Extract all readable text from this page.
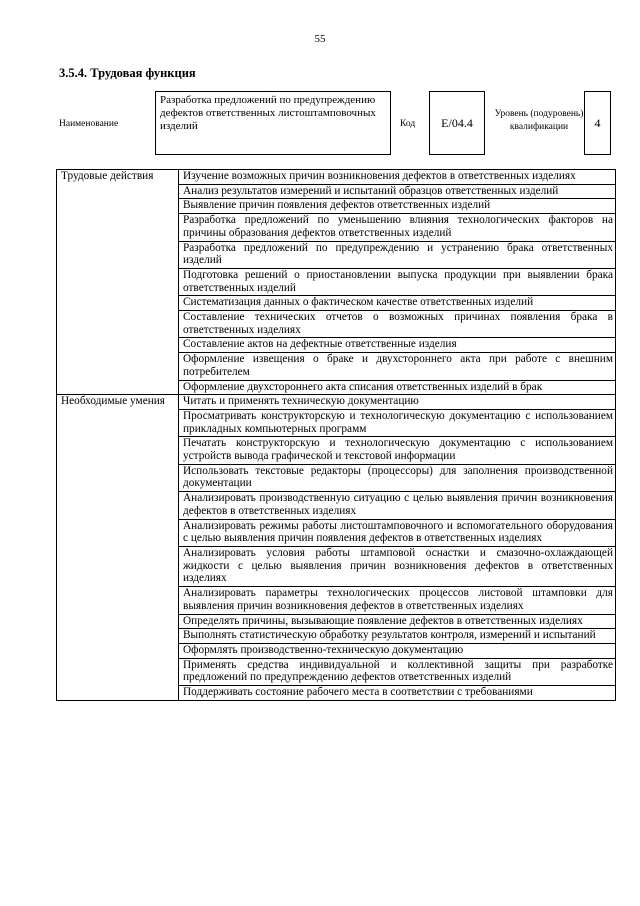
55
3.5.4. Трудовая функция
Наименование
Разработка предложений по предупреждению дефектов ответственных листоштамповочных изделий	Код E/04.4
Уровень (подуровень) квалификации	4
Трудовые действия	Изучение возможных причин возникновения дефектов в ответственных изделиях
	Анализ результатов измерений и испытаний образцов ответственных изделий
	Выявление причин появления дефектов ответственных изделий
	Разработка предложений по уменьшению влияния технологических факторов на причины образования дефектов ответственных изделий
	Разработка предложений по предупреждению и устранению брака ответственных изделий
	Подготовка решений о приостановлении выпуска продукции при выявлении брака ответственных изделий
	Систематизация данных о фактическом качестве ответственных изделий
	Составление технических отчетов о возможных причинах появления брака в ответственных изделиях
	Составление актов на дефектные ответственные изделия
	Оформление извещения о браке и двухстороннего акта при работе с внешним потребителем
	Оформление двухстороннего акта списания ответственных изделий в брак
Необходимые умения	Читать и применять техническую документацию
	Просматривать конструкторскую и технологическую документацию с использованием прикладных компьютерных программ
	Печатать конструкторскую и технологическую документацию с использованием устройств вывода графической и текстовой информации
	Использовать текстовые редакторы (процессоры) для заполнения производственной документации
	Анализировать производственную ситуацию с целью выявления причин возникновения дефектов в ответственных изделиях
	Анализировать режимы работы листоштамповочного и вспомогательного оборудования с целью выявления причин появления дефектов в ответственных изделиях
	Анализировать условия работы штамповой оснастки и смазочно-охлаждающей жидкости с целью выявления причин возникновения дефектов в ответственных изделиях
	Анализировать параметры технологических процессов листовой штамповки для выявления причин возникновения дефектов в ответственных изделиях
	Определять причины, вызывающие появление дефектов в ответственных изделиях
	Выполнять статистическую обработку результатов контроля, измерений и испытаний
	Оформлять производственно-техническую документацию
	Применять средства индивидуальной и коллективной защиты при разработке предложений по предупреждению дефектов ответственных изделий
	Поддерживать состояние рабочего места в соответствии с требованиями
